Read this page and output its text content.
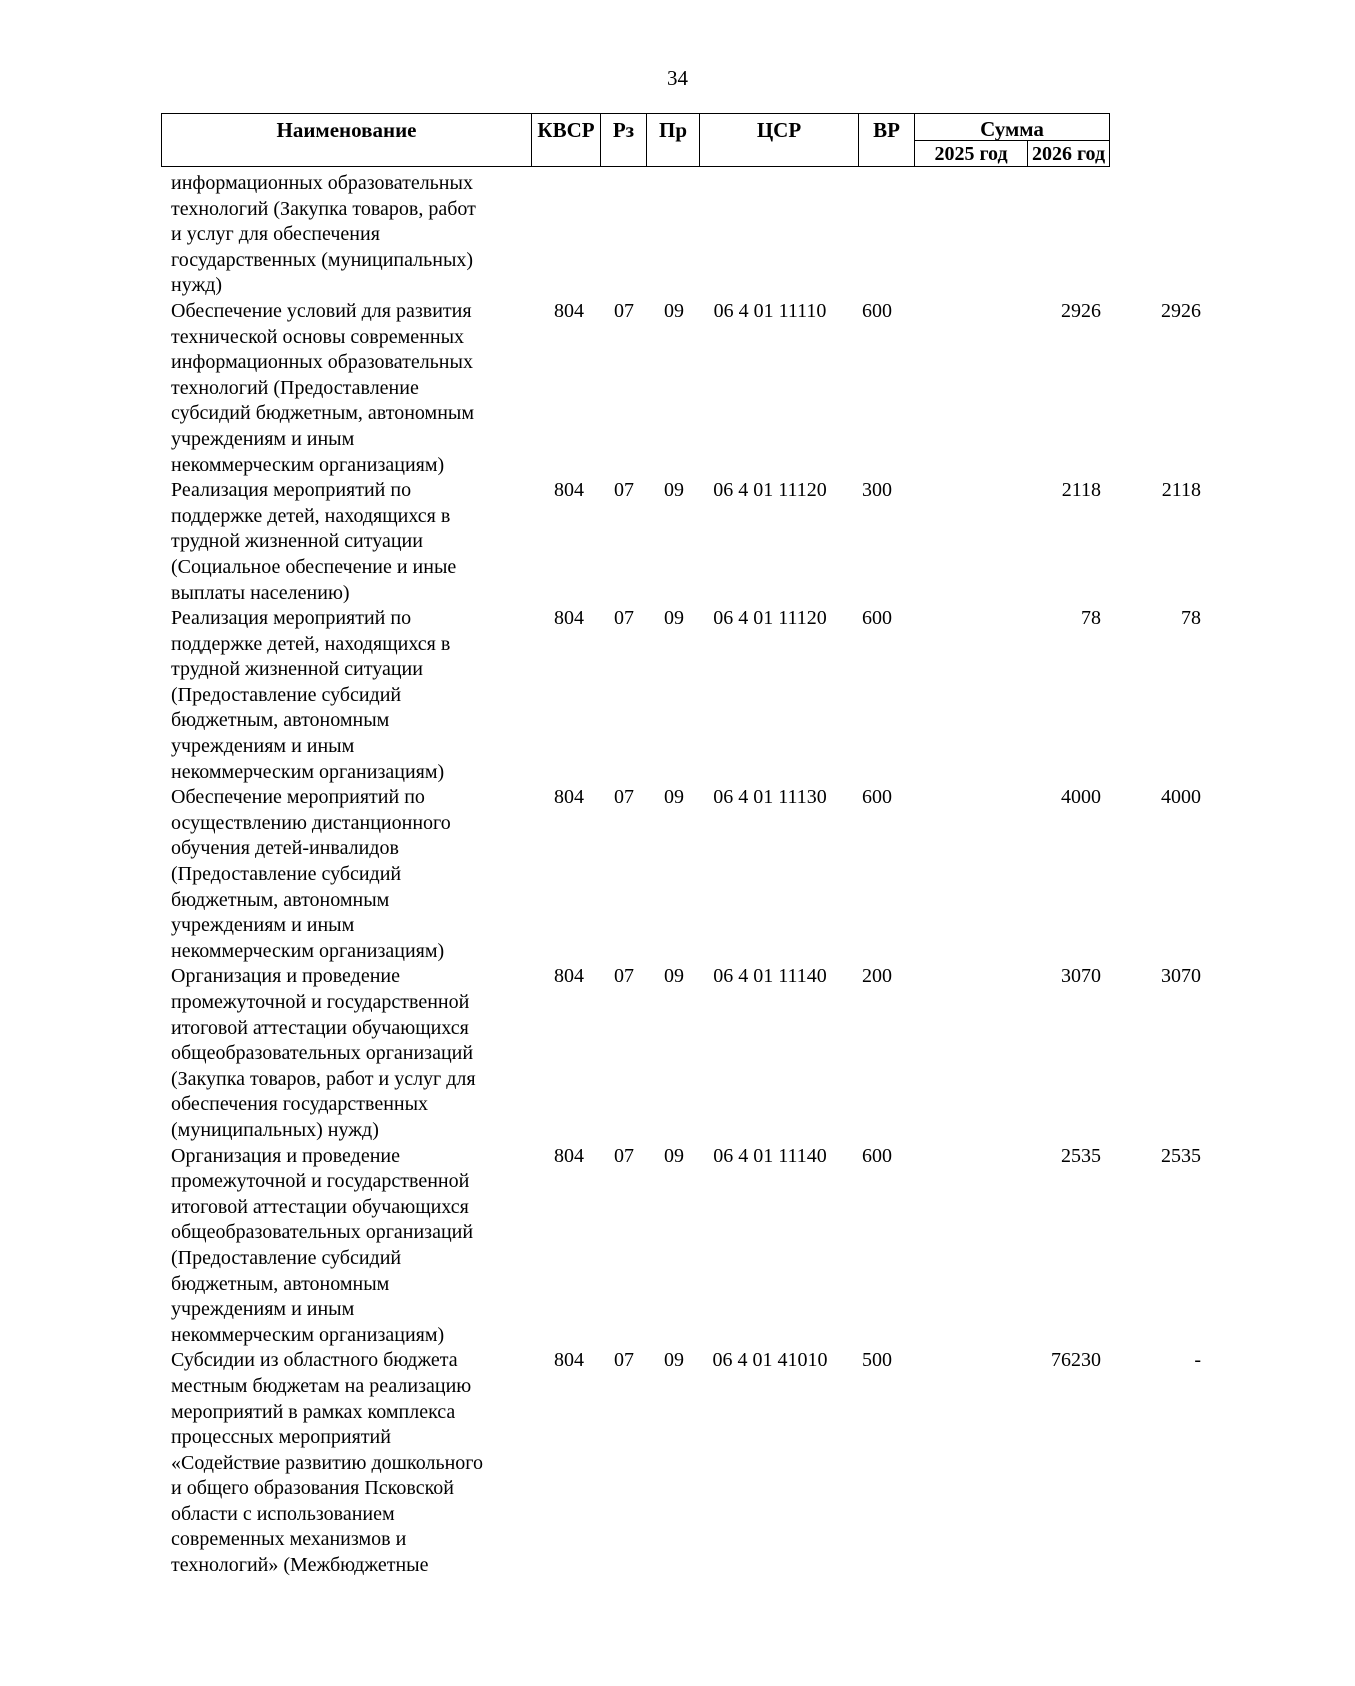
34
Наименование	КВСР Рз	Пр	ЦСР	ВР	Сумма
2025 год	2026 год
информационных образовательных
технологий (Закупка товаров, работ
и услуг для обеспечения
государственных (муниципальных)
нужд)
Обеспечение условий для развития
технической основы современных
информационных образовательных
технологий (Предоставление
субсидий бюджетным, автономным
учреждениям и иным
некоммерческим организациям)
804	07	09	06 4 01 11110	600	2926	2926
Реализация мероприятий по
поддержке детей, находящихся в
трудной жизненной ситуации
(Социальное обеспечение и иные
выплаты населению)
804	07	09	06 4 01 11120	300	2118	2118
Реализация мероприятий по
поддержке детей, находящихся в
трудной жизненной ситуации
(Предоставление субсидий
бюджетным, автономным
учреждениям и иным
некоммерческим организациям)
804	07	09	06 4 01 11120	600	78	78
Обеспечение мероприятий по
осуществлению дистанционного
обучения детей-инвалидов
(Предоставление субсидий
бюджетным, автономным
учреждениям и иным
некоммерческим организациям)
804	07	09	06 4 01 11130	600	4000	4000
Организация и проведение
промежуточной и государственной
итоговой аттестации обучающихся
общеобразовательных организаций
(Закупка товаров, работ и услуг для
обеспечения государственных
(муниципальных) нужд)
804	07	09	06 4 01 11140	200	3070	3070
Организация и проведение
промежуточной и государственной
итоговой аттестации обучающихся
общеобразовательных организаций
(Предоставление субсидий
бюджетным, автономным
учреждениям и иным
некоммерческим организациям)
804	07	09	06 4 01 11140	600	2535	2535
Субсидии из областного бюджета
местным бюджетам на реализацию
мероприятий в рамках комплекса
процессных мероприятий
«Содействие развитию дошкольного
и общего образования Псковской
области с использованием
современных механизмов и
технологий» (Межбюджетные
804	07	09	06 4 01 41010	500	76230	-
